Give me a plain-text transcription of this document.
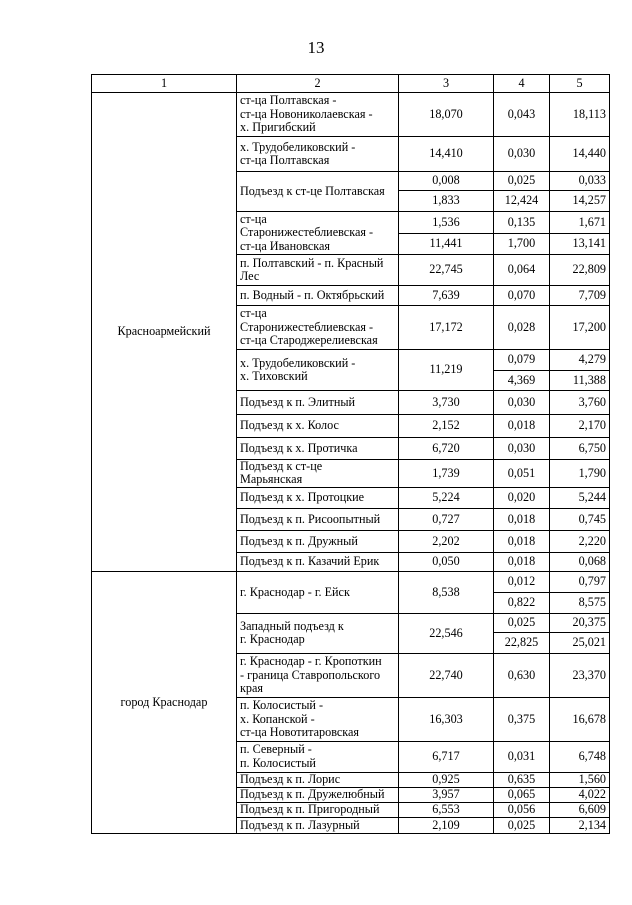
13
1	2	3	4	5
Красноармейский	ст-ца Полтавская -
ст-ца Новониколаевская -
х. Пригибский	18,070	0,043	18,113
	х. Трудобеликовский -
ст-ца Полтавская	14,410	0,030	14,440
	Подъезд к ст-це Полтавская	0,008	0,025	0,033
		1,833	12,424	14,257
	ст-ца
Старонижестеблиевская -
ст-ца Ивановская	1,536	0,135	1,671
		11,441	1,700	13,141
	п. Полтавский - п. Красный
Лес	22,745	0,064	22,809
	п. Водный - п. Октябрьский	7,639	0,070	7,709
	ст-ца
Старонижестеблиевская -
ст-ца Староджерелиевская	17,172	0,028	17,200
	х. Трудобеликовский -
х. Тиховский	11,219	0,079	4,279
			4,369	11,388
	Подъезд к п. Элитный	3,730	0,030	3,760
	Подъезд к х. Колос	2,152	0,018	2,170
	Подъезд к х. Протичка	6,720	0,030	6,750
	Подъезд к ст-це
Марьянская	1,739	0,051	1,790
	Подъезд к х. Протоцкие	5,224	0,020	5,244
	Подъезд к п. Рисоопытный	0,727	0,018	0,745
	Подъезд к п. Дружный	2,202	0,018	2,220
	Подъезд к п. Казачий Ерик	0,050	0,018	0,068
город Краснодар	г. Краснодар - г. Ейск	8,538	0,012	0,797
			0,822	8,575
	Западный подъезд к
г. Краснодар	22,546	0,025	20,375
			22,825	25,021
	г. Краснодар - г. Кропоткин
- граница Ставропольского
края	22,740	0,630	23,370
	п. Колосистый -
х. Копанской -
ст-ца Новотитаровская	16,303	0,375	16,678
	п. Северный -
п. Колосистый	6,717	0,031	6,748
	Подъезд к п. Лорис	0,925	0,635	1,560
	Подъезд к п. Дружелюбный	3,957	0,065	4,022
	Подъезд к п. Пригородный	6,553	0,056	6,609
	Подъезд к п. Лазурный	2,109	0,025	2,134
